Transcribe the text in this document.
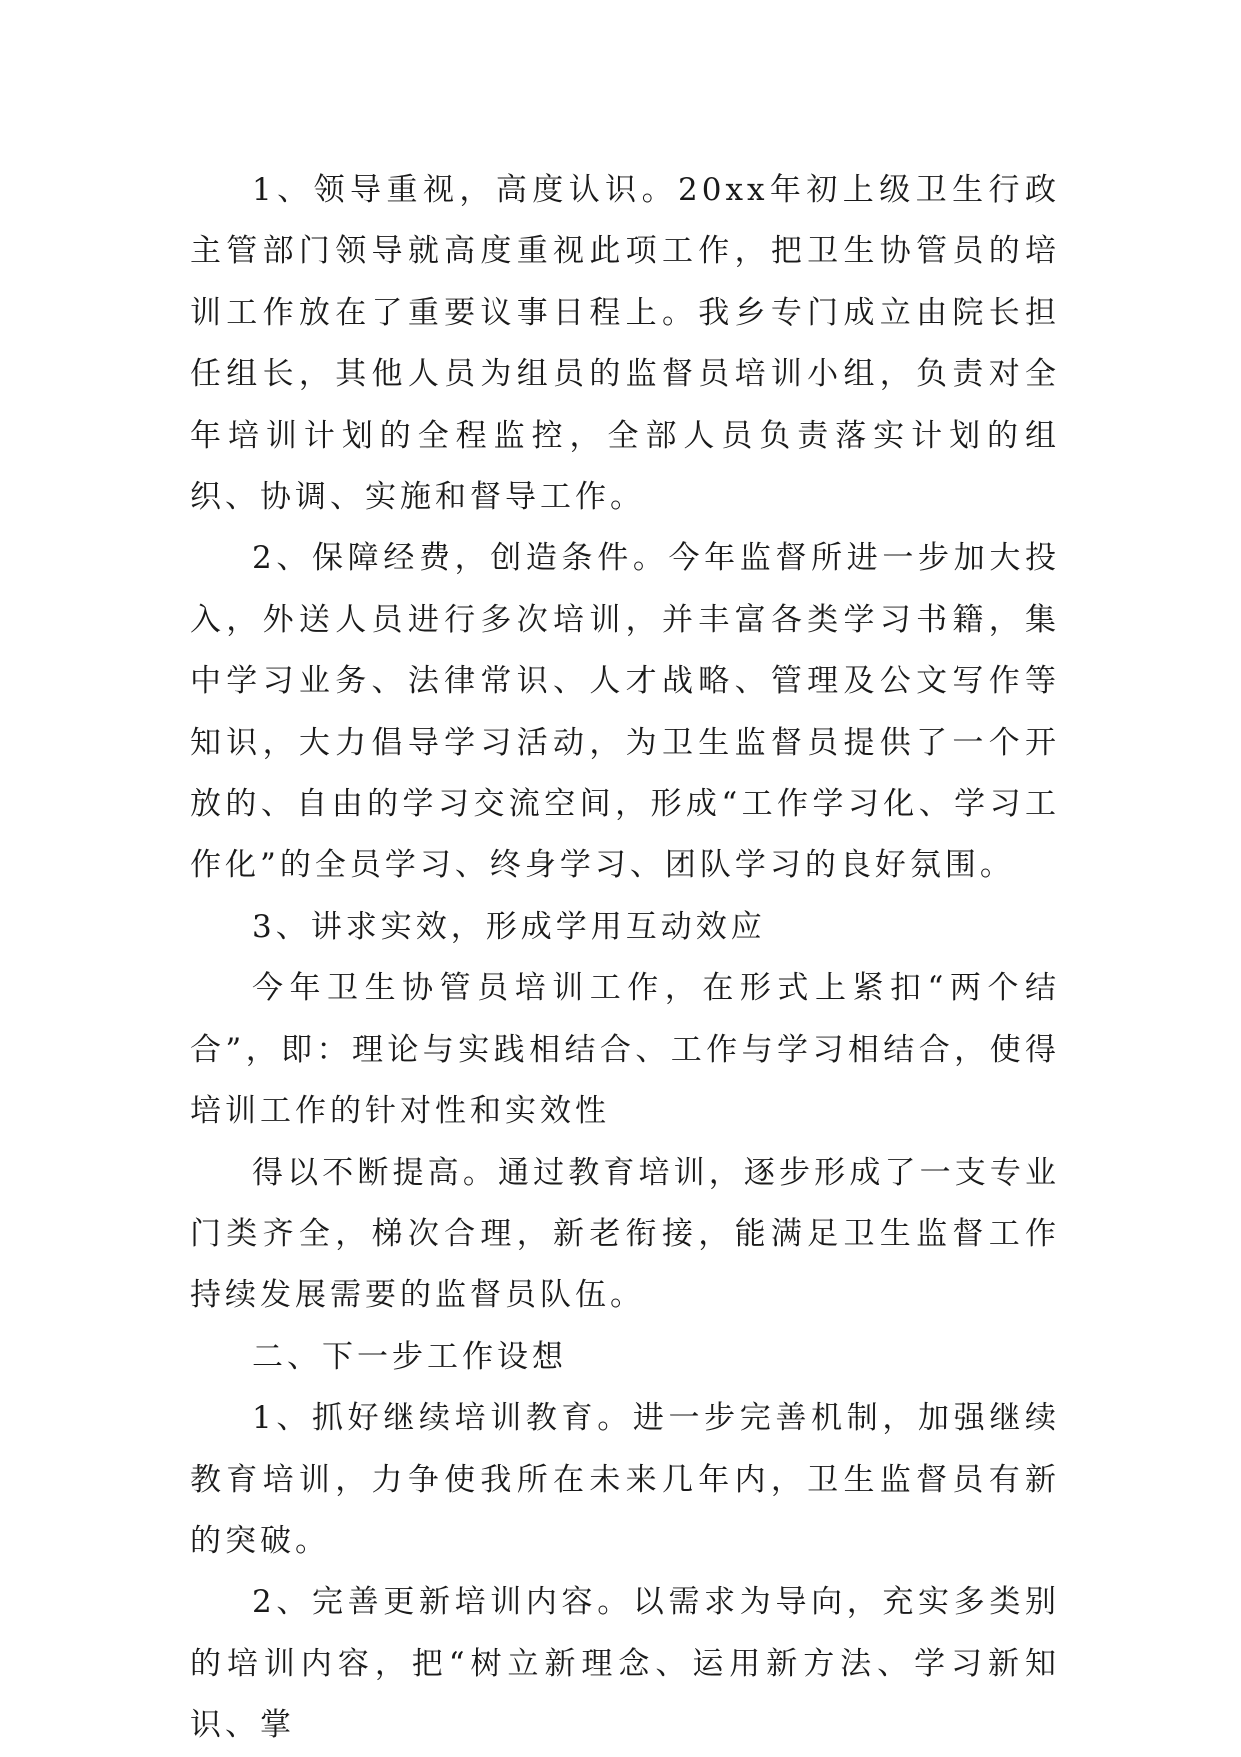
1、领导重视，高度认识。20xx年初上级卫生行政主管部门领导就高度重视此项工作，把卫生协管员的培训工作放在了重要议事日程上。我乡专门成立由院长担任组长，其他人员为组员的监督员培训小组，负责对全年培训计划的全程监控，全部人员负责落实计划的组织、协调、实施和督导工作。

2、保障经费，创造条件。今年监督所进一步加大投入，外送人员进行多次培训，并丰富各类学习书籍，集中学习业务、法律常识、人才战略、管理及公文写作等知识，大力倡导学习活动，为卫生监督员提供了一个开放的、自由的学习交流空间，形成“工作学习化、学习工作化”的全员学习、终身学习、团队学习的良好氛围。

3、讲求实效，形成学用互动效应

今年卫生协管员培训工作，在形式上紧扣“两个结合”，即：理论与实践相结合、工作与学习相结合，使得培训工作的针对性和实效性

得以不断提高。通过教育培训，逐步形成了一支专业门类齐全，梯次合理，新老衔接，能满足卫生监督工作持续发展需要的监督员队伍。

二、下一步工作设想

1、抓好继续培训教育。进一步完善机制，加强继续教育培训，力争使我所在未来几年内，卫生监督员有新的突破。

2、完善更新培训内容。以需求为导向，充实多类别的培训内容，把“树立新理念、运用新方法、学习新知识、掌
